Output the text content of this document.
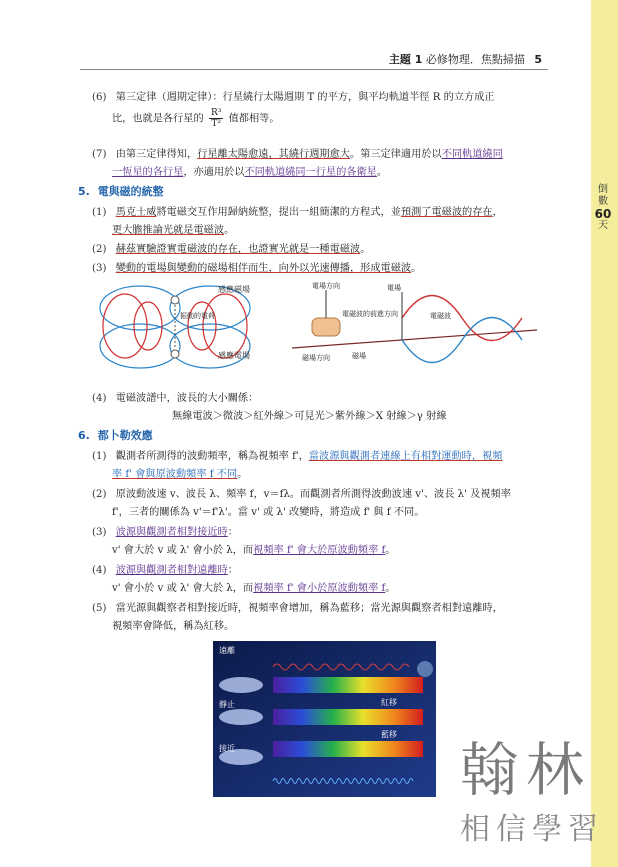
倒
數
60
天
主題 1 必修物理．焦點掃描 5
(6) 第三定律（週期定律）：行星繞行太陽週期 T 的平方，與平均軌道半徑 R 的立方成正
比，也就是各行星的 $\frac{\text{R³}}{\text{T²}}$ 值都相等。
(7) 由第三定律得知，行星離太陽愈遠，其繞行週期愈大。第三定律適用於以不同軌道繞同
一恆星的各行星，亦適用於以不同軌道繞同一行星的各衛星。
5. 電與磁的統整
(1) 馬克士威將電磁交互作用歸納統整，提出一組簡潔的方程式，並預測了電磁波的存在，
更大膽推論光就是電磁波。
(2) 赫茲實驗證實電磁波的存在，也證實光就是一種電磁波。
(3) 變動的電場與變動的磁場相伴而生，向外以光速傳播，形成電磁波。
感應磁場
感應電場
振動的電荷
電場方向
電磁波的前進方向
磁場方向
電場
電磁波
磁場
(4) 電磁波譜中，波長的大小關係：
無線電波＞微波＞紅外線＞可見光＞紫外線＞X 射線＞γ 射線
6. 都卜勒效應
(1) 觀測者所測得的波動頻率，稱為視頻率 f'，當波源與觀測者連線上有相對運動時，視頻
率 f' 會與原波動頻率 f 不同。
(2) 原波動波速 v、波長 λ、頻率 f，v＝fλ。而觀測者所測得波動波速 v'、波長 λ' 及視頻率
f'，三者的關係為 v'＝f'λ'。當 v' 或 λ' 改變時，將造成 f' 與 f 不同。
(3) 波源與觀測者相對接近時：
v' 會大於 v 或 λ' 會小於 λ，而視頻率 f' 會大於原波動頻率 f。
(4) 波源與觀測者相對遠離時：
v' 會小於 v 或 λ' 會大於 λ，而視頻率 f' 會小於原波動頻率 f。
(5) 當光源與觀察者相對接近時，視頻率會增加，稱為藍移；當光源與觀察者相對遠離時，
視頻率會降低，稱為紅移。
遠離
靜止
接近
紅移
藍移
翰林
相信學習
